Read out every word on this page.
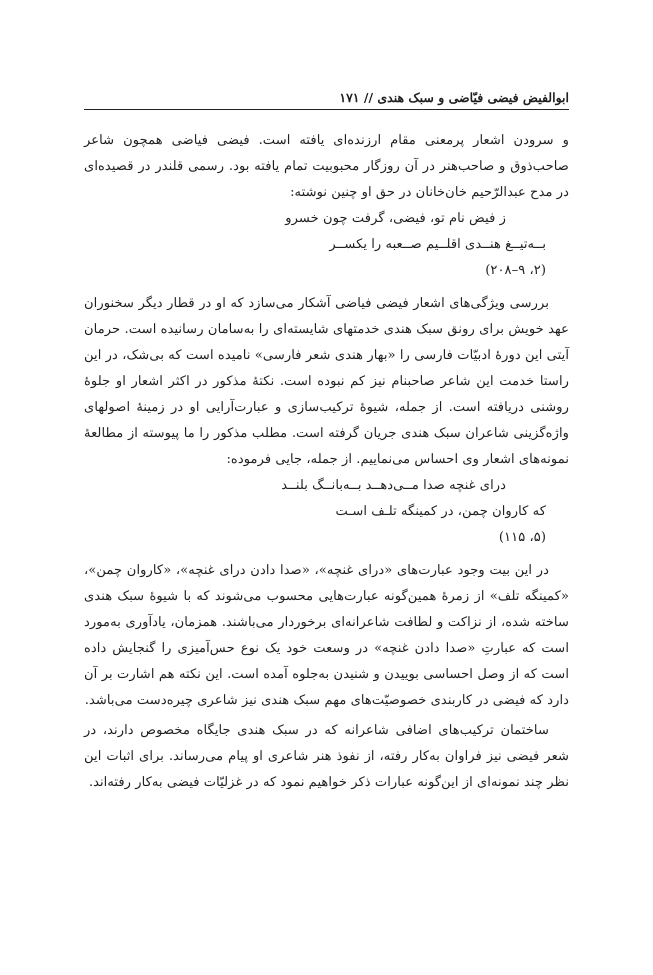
ابوالفیض فیضی فیّاضی و سبک هندی // ۱۷۱

و سرودن اشعار پرمعنی مقام ارزنده‌ای یافته است. فیضی فیاضی همچون شاعر صاحب‌ذوق و صاحب‌هنر در آن روزگار محبوبیت تمام یافته بود. رسمی قلندر در قصیده‌ای در مدح عبدالرّحیم خان‌خانان در حق او چنین نوشته:

ز فیض نام تو، فیضی، گرفت چون خسرو

بــه‌تیــغ هنــدی اقلــیم صــعبه را یکســر

(۲، ۹–۲۰۸)

بررسی ویژگی‌های اشعار فیضی فیاضی آشکار می‌سازد که او در قطار دیگر سخنوران عهد خویش برای رونق سبک هندی خدمتهای شایسته‌ای را به‌سامان رسانیده است. حرمان آیتی این دورهٔ ادبیّات فارسی را «بهار هندی شعر فارسی» نامیده است که بی‌شک، در این راستا خدمت این شاعر صاحبنام نیز کم نبوده است. نکتهٔ مذکور در اکثر اشعار او جلوهٔ روشنی دریافته است. از جمله، شیوهٔ ترکیب‌سازی و عبارت‌آرایی او در زمینهٔ اصولهای واژه‌گزینی شاعران سبک هندی جریان گرفته است. مطلب مذکور را ما پیوسته از مطالعهٔ نمونه‌های اشعار وی احساس می‌نماییم. از جمله، جایی فرموده:

درای غنچه صدا مــی‌دهــد بــه‌بانــگ بلنــد

که کاروان چمن، در کمینگه تلـف اسـت

(۵، ۱۱۵)

در این بیت وجود عبارت‌های «درای غنچه»، «صدا دادن درای غنچه»، «کاروان چمن»، «کمینگه تلف» از زمرهٔ همین‌گونه عبارت‌هایی محسوب می‌شوند که با شیوهٔ سبک هندی ساخته شده، از نزاکت و لطافت شاعرانه‌ای برخوردار می‌باشند. همزمان، یادآوری به‌مورد است که عبارتِ «صدا دادن غنچه» در وسعت خود یک نوع حس‌آمیزی را گنجایش داده است که از وصل احساسی بوییدن و شنیدن به‌جلوه آمده است. این نکته هم اشارت بر آن دارد که فیضی در کاربندی خصوصیّت‌های مهم سبک هندی نیز شاعری چیره‌دست می‌باشد.

ساختمان ترکیب‌های اضافی شاعرانه که در سبک هندی جایگاه مخصوص دارند، در شعر فیضی نیز فراوان به‌کار رفته، از نفوذ هنر شاعری او پیام می‌رساند. برای اثبات این نظر چند نمونه‌ای از این‌گونه عبارات ذکر خواهیم نمود که در غزلیّات فیضی به‌کار رفته‌اند.
